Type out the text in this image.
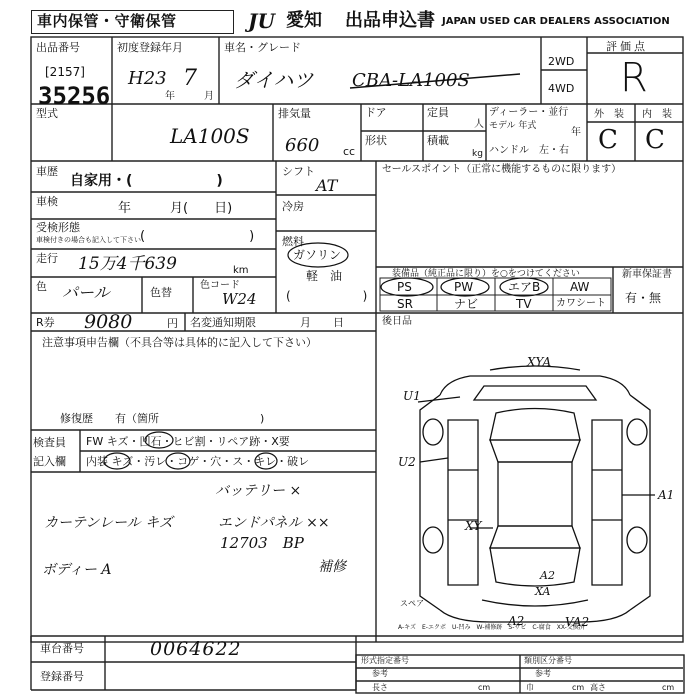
車内保管・守衛保管	JU 愛知 出品申込書 JAPAN USED CAR DEALERS ASSOCIATION
出品番号
[2157]
35256
初度登録年月
H23
年
7
月
車名・グレード
ダイハツ CBA-LA100S
2WD
4WD
評価点
R
型式
LA100S
排気量
660 cc
ドア
形状
定員
人
積載
kg
ディーラー・並行
モデル 年式
年
ハンドル　左・右
外　装 内　装
C C
車歴
自家用・(　　　　　　)
車検	年　　　月(　　日)
受検形態
車検付きの場合も記入して下さい (　　　　　　　　)
走行 15万4千639	km
色 パール	色替
色コード
W24
R券 9080	円 名変通知期限	月　　日
シフト
AT
冷房
燃料
ガソリン
軽　油
(　　　　　　)
セールスポイント（正常に機能するものに限ります）
装備品（純正品に限り）を○をつけてください
PS	PW	エアB AW
SR	ナビ	TV カワシート
新車保証書
有・無
後日品
注意事項申告欄（不具合等は具体的に記入して下さい）
修復歴　　有（箇所	)
検査員
記入欄
FW キズ・凹石・ヒビ割・リペア跡・X要
内装 キズ・汚レ・コゲ・穴・ス・キレ・破レ
バッテリー ×
カーテンレール キズ	エンドパネル ××
12703　BP
ボディー A	補修
U1
U2
XYA
A1
XY
A2
XA
A2	VA2
スペア
A-キズ　E-エクボ　U-凹み　W-補修跡　S-サビ　C-腐食　XX-交換済
車台番号	0064622
登録番号
形式指定番号
参考
類別区分番号
参考
長さ	cm	巾	cm 高さ	cm
